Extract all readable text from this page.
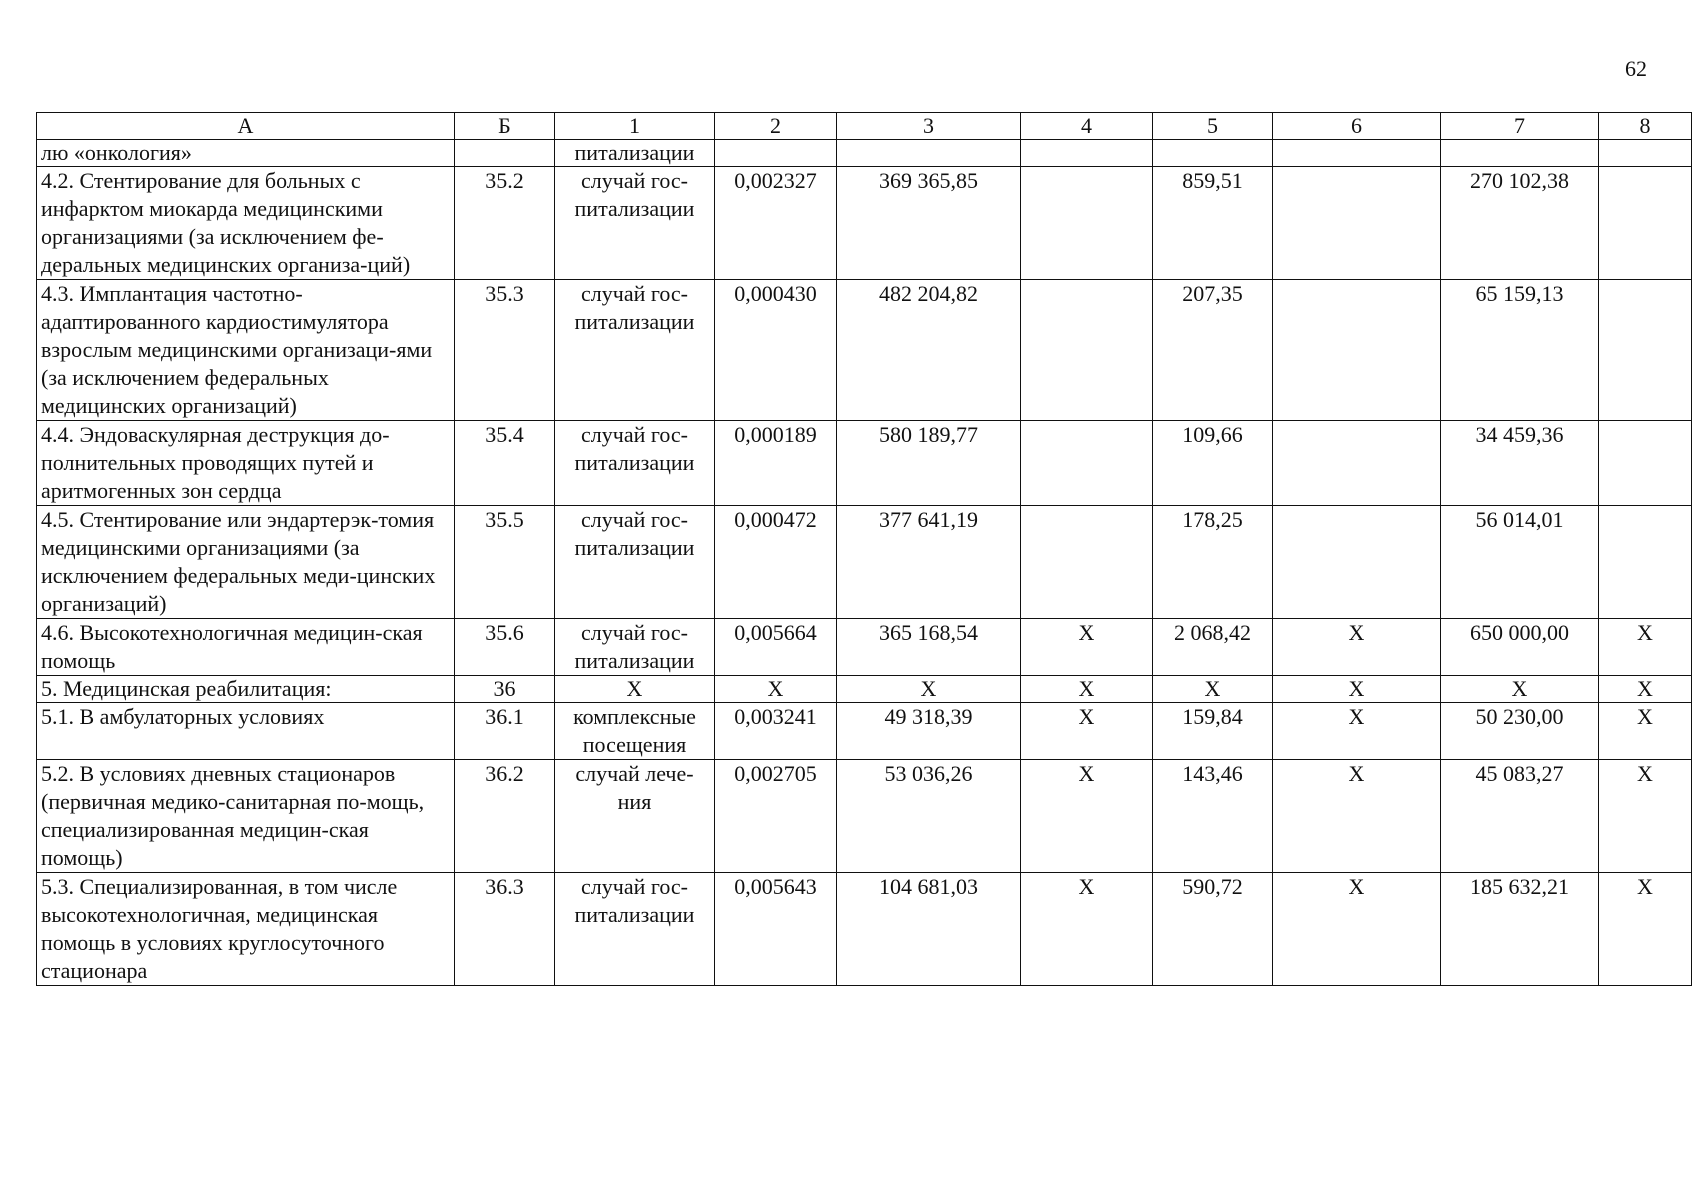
62
А	Б	1	2	3	4	5	6	7	8
лю «онкология»		питализации							
4.2. Стентирование для больных с инфарктом миокарда медицинскими организациями (за исключением фе-деральных медицинских организа-ций)	35.2	случай гос-питализации	0,002327	369 365,85		859,51		270 102,38	
4.3. Имплантация частотно-адаптированного кардиостимулятора взрослым медицинскими организаци-ями (за исключением федеральных медицинских организаций)	35.3	случай гос-питализации	0,000430	482 204,82		207,35		65 159,13	
4.4. Эндоваскулярная деструкция до-полнительных проводящих путей и аритмогенных зон сердца	35.4	случай гос-питализации	0,000189	580 189,77		109,66		34 459,36	
4.5. Стентирование или эндартерэк-томия медицинскими организациями (за исключением федеральных меди-цинских организаций)	35.5	случай гос-питализации	0,000472	377 641,19		178,25		56 014,01	
4.6. Высокотехнологичная медицин-ская помощь	35.6	случай гос-питализации	0,005664	365 168,54	X	2 068,42	X	650 000,00	X
5. Медицинская реабилитация:	36	X	X	X	X	X	X	X	X
5.1. В амбулаторных условиях	36.1	комплексные посещения	0,003241	49 318,39	X	159,84	X	50 230,00	X
5.2. В условиях дневных стационаров (первичная медико-санитарная по-мощь, специализированная медицин-ская помощь)	36.2	случай лече-ния	0,002705	53 036,26	X	143,46	X	45 083,27	X
5.3. Специализированная, в том числе высокотехнологичная, медицинская помощь в условиях круглосуточного стационара	36.3	случай гос-питализации	0,005643	104 681,03	X	590,72	X	185 632,21	X
